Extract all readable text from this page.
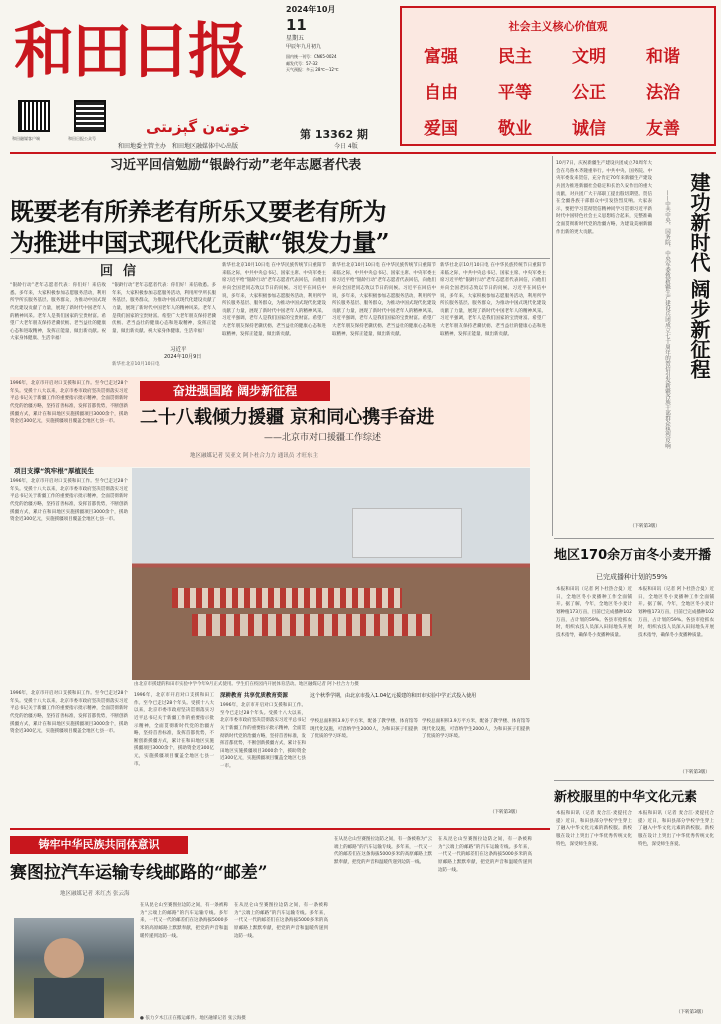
和田日报
خوتەن گېزىتى
和田融媒客户端	和田日报公众号
2024年10月
11
星期五
甲辰年九月初九
国内统一刊号：CN65-0024
邮发代号：57-32
天气预报：多云 28℃～12℃
第 13362 期
和田地委主管主办　和田地区融媒体中心出版	今日 4版
社会主义核心价值观
富强 民主 文明 和谐
自由 平等 公正 法治
爱国 敬业 诚信 友善
习近平回信勉励“银龄行动”老年志愿者代表
既要老有所养老有所乐又要老有所为
为推进中国式现代化贡献“银发力量”
回信
“银龄行动”老年志愿者代表：你们好！来信收悉。多年来，大家积极参加志愿服务活动，利用所学所长服务基层、服务群众，为推动中国式现代化建设贡献了力量，展现了新时代中国老年人的精神风采。老年人是我们国家的宝贵财富。希望广大老年朋友保持老骥伏枥、老当益壮的健康心态和进取精神，发挥正能量，做出新贡献。祝大家身体健康、生活幸福！
“银龄行动”老年志愿者代表：你们好！来信收悉。多年来，大家积极参加志愿服务活动，利用所学所长服务基层、服务群众，为推动中国式现代化建设贡献了力量，展现了新时代中国老年人的精神风采。老年人是我们国家的宝贵财富。希望广大老年朋友保持老骥伏枥、老当益壮的健康心态和进取精神，发挥正能量，做出新贡献。祝大家身体健康、生活幸福！
习近平
2024年10月9日
新华社北京10月10日电
新华社北京10月10日电 在中华民族传统节日重阳节来临之际，中共中央总书记、国家主席、中央军委主席习近平给“银龄行动”老年志愿者代表回信，向他们并向全国老同志致以节日的问候。习近平在回信中说，多年来，大家积极参加志愿服务活动，利用所学所长服务基层、服务群众，为推动中国式现代化建设贡献了力量，展现了新时代中国老年人的精神风采。习近平强调，老年人是我们国家的宝贵财富。希望广大老年朋友保持老骥伏枥、老当益壮的健康心态和进取精神，发挥正能量，做出新贡献。
新华社北京10月10日电 在中华民族传统节日重阳节来临之际，中共中央总书记、国家主席、中央军委主席习近平给“银龄行动”老年志愿者代表回信，向他们并向全国老同志致以节日的问候。习近平在回信中说，多年来，大家积极参加志愿服务活动，利用所学所长服务基层、服务群众，为推动中国式现代化建设贡献了力量，展现了新时代中国老年人的精神风采。习近平强调，老年人是我们国家的宝贵财富。希望广大老年朋友保持老骥伏枥、老当益壮的健康心态和进取精神，发挥正能量，做出新贡献。
新华社北京10月10日电 在中华民族传统节日重阳节来临之际，中共中央总书记、国家主席、中央军委主席习近平给“银龄行动”老年志愿者代表回信，向他们并向全国老同志致以节日的问候。习近平在回信中说，多年来，大家积极参加志愿服务活动，利用所学所长服务基层、服务群众，为推动中国式现代化建设贡献了力量，展现了新时代中国老年人的精神风采。习近平强调，老年人是我们国家的宝贵财富。希望广大老年朋友保持老骥伏枥、老当益壮的健康心态和进取精神，发挥正能量，做出新贡献。
10月7日，庆祝新疆生产建设兵团成立70周年大会在乌鲁木齐隆重举行。中共中央、国务院、中央军委发来贺信，充分肯定70年来新疆生产建设兵团为推进新疆社会稳定和长治久安作出的重大贡献，对兵团广大干部职工提出殷切期望。贺信在全疆各族干部群众中引发热烈反响。大家表示，要把学习贯彻贺信精神同学习贯彻习近平新时代中国特色社会主义思想结合起来，完整准确全面贯彻新时代党的治疆方略，为建设美丽新疆作出新的更大贡献。	——中共中央、国务院、中央军委致新疆生产建设兵团成立七十周年的贺信引发新疆各族干部群众热烈反响 建功新时代 阔步新征程
（下转第3版）
地区170余万亩冬小麦开播
已完成播种计划的59%
本报和田讯（记者 阿卜杜热合曼）近日，全地区冬小麦播种工作全面铺开。据了解，今年，全地区冬小麦计划种植173万亩，目前已完成播种102万亩，占计划的59%。各县市抢抓农时，组织农技人员深入田间地头开展技术指导，确保冬小麦播种质量。
本报和田讯（记者 阿卜杜热合曼）近日，全地区冬小麦播种工作全面铺开。据了解，今年，全地区冬小麦计划种植173万亩，目前已完成播种102万亩，占计划的59%。各县市抢抓农时，组织农技人员深入田间地头开展技术指导，确保冬小麦播种质量。
（下转第3版）
新校服里的中华文化元素
本报和田讯（记者 麦合江·麦提托合提）近日，和田县部分学校学生穿上了融入中华文化元素的新校服。新校服在设计上突出了中华优秀传统文化特色，深受师生喜爱。
本报和田讯（记者 麦合江·麦提托合提）近日，和田县部分学校学生穿上了融入中华文化元素的新校服。新校服在设计上突出了中华优秀传统文化特色，深受师生喜爱。
（下转第3版）
奋进强国路 阔步新征程
二十八载倾力援疆 京和同心携手奋进
——北京市对口援疆工作综述
地区融媒记者 吴亚文 阿卜杜合力力 通讯员 才旺东主
1996年，北京市开启对口支援和田工作。至今已走过28个年头。受援十八大以来，北京市委市政府坚决贯彻落实习近平总书记关于新疆工作的重要指示批示精神，全面贯彻新时代党的治疆方略，坚持首善标准，发挥首都优势，不断创新援疆方式，累计在和田地区实施援疆项目3000余个，援助资金近300亿元，实施援疆项目覆盖全地区七县一市。
项目支撑“筑牢根”厚植民生
1996年，北京市开启对口支援和田工作。至今已走过28个年头。受援十八大以来，北京市委市政府坚决贯彻落实习近平总书记关于新疆工作的重要指示批示精神，全面贯彻新时代党的治疆方略，坚持首善标准，发挥首都优势，不断创新援疆方式，累计在和田地区实施援疆项目3000余个，援助资金近300亿元，实施援疆项目覆盖全地区七县一市。
由北京市援建的和田市实验中学今年9月正式使用。学生们在校园内开展体育活动。地区融媒记者 阿卜杜合力力摄
1996年，北京市开启对口支援和田工作。至今已走过28个年头。受援十八大以来，北京市委市政府坚决贯彻落实习近平总书记关于新疆工作的重要指示批示精神，全面贯彻新时代党的治疆方略，坚持首善标准，发挥首都优势，不断创新援疆方式，累计在和田地区实施援疆项目3000余个，援助资金近300亿元，实施援疆项目覆盖全地区七县一市。
1996年，北京市开启对口支援和田工作。至今已走过28个年头。受援十八大以来，北京市委市政府坚决贯彻落实习近平总书记关于新疆工作的重要指示批示精神，全面贯彻新时代党的治疆方略，坚持首善标准，发挥首都优势，不断创新援疆方式，累计在和田地区实施援疆项目3000余个，援助资金近300亿元，实施援疆项目覆盖全地区七县一市。
深耕教育 共享优质教育资源
1996年，北京市开启对口支援和田工作。至今已走过28个年头。受援十八大以来，北京市委市政府坚决贯彻落实习近平总书记关于新疆工作的重要指示批示精神，全面贯彻新时代党的治疆方略，坚持首善标准，发挥首都优势，不断创新援疆方式，累计在和田地区实施援疆项目3000余个，援助资金近300亿元，实施援疆项目覆盖全地区七县一市。
这个秋季学期，由北京市投入1.04亿元援建的和田市实验中学正式投入使用
学校总面积积3.9万平方米，配备了教学楼、体育馆等现代化设施，可容纳学生2000人，为和田孩子们提供了优质的学习环境。
学校总面积积3.9万平方米，配备了教学楼、体育馆等现代化设施，可容纳学生2000人，为和田孩子们提供了优质的学习环境。
（下转第3版）
铸牢中华民族共同体意识
赛图拉汽车运输专线邮路的“邮差”
地区融媒记者 米红杰 张云海
在从昆仑山至赛图拉边防之间，有一条被称为“云端上的邮路”的汽车运输专线。多年来，一代又一代的邮差们在这条海拔5000多米的高原邮路上默默奉献，把党的声音和温暖传递到边防一线。
在从昆仑山至赛图拉边防之间，有一条被称为“云端上的邮路”的汽车运输专线。多年来，一代又一代的邮差们在这条海拔5000多米的高原邮路上默默奉献，把党的声音和温暖传递到边防一线。
在从昆仑山至赛图拉边防之间，有一条被称为“云端上的邮路”的汽车运输专线。多年来，一代又一代的邮差们在这条海拔5000多米的高原邮路上默默奉献，把党的声音和温暖传递到边防一线。
在从昆仑山至赛图拉边防之间，有一条被称为“云端上的邮路”的汽车运输专线。多年来，一代又一代的邮差们在这条海拔5000多米的高原邮路上默默奉献，把党的声音和温暖传递到边防一线。
● 依力夕木江正在搬运邮件。地区融媒记者 张云海摄
